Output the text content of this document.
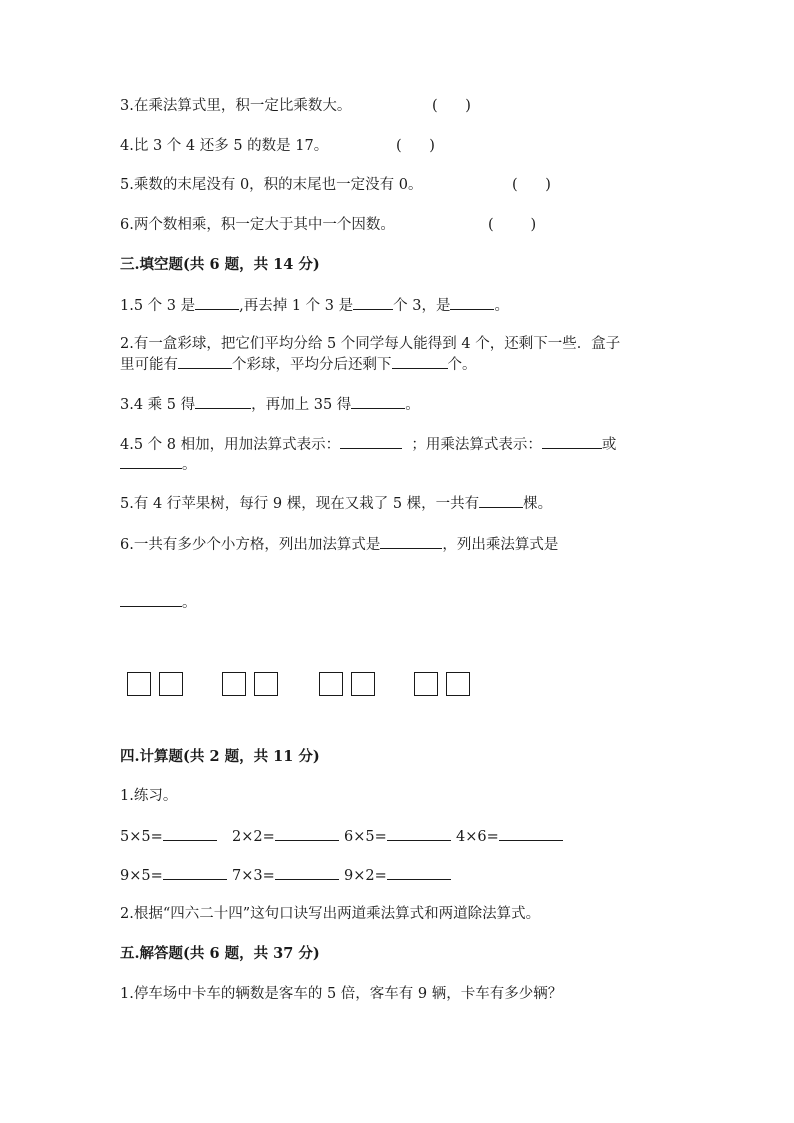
3.在乘法算式里，积一定比乘数大。	(      )
4.比 3 个 4 还多 5 的数是 17。	(      )
5.乘数的末尾没有 0，积的末尾也一定没有 0。	(      )
6.两个数相乘，积一定大于其中一个因数。	(        )
三.填空题(共 6 题，共 14 分)
1.5 个 3 是	,再去掉 1 个 3 是	个 3，是	。
2.有一盒彩球，把它们平均分给 5 个同学每人能得到 4 个，还剩下一些．盒子
里可能有	个彩球，平均分后还剩下	个。
3.4 乘 5 得	，再加上 35 得	。
4.5 个 8 相加，用加法算式表示：	；用乘法算式表示：	或
。
5.有 4 行苹果树，每行 9 棵，现在又栽了 5 棵，一共有	棵。
6.一共有多少个小方格，列出加法算式是	，列出乘法算式是
。
四.计算题(共 2 题，共 11 分)
1.练习。
5×5=	2×2=	6×5=	4×6=
9×5=	7×3=	9×2=
2.根据“四六二十四”这句口诀写出两道乘法算式和两道除法算式。
五.解答题(共 6 题，共 37 分)
1.停车场中卡车的辆数是客车的 5 倍，客车有 9 辆，卡车有多少辆？
